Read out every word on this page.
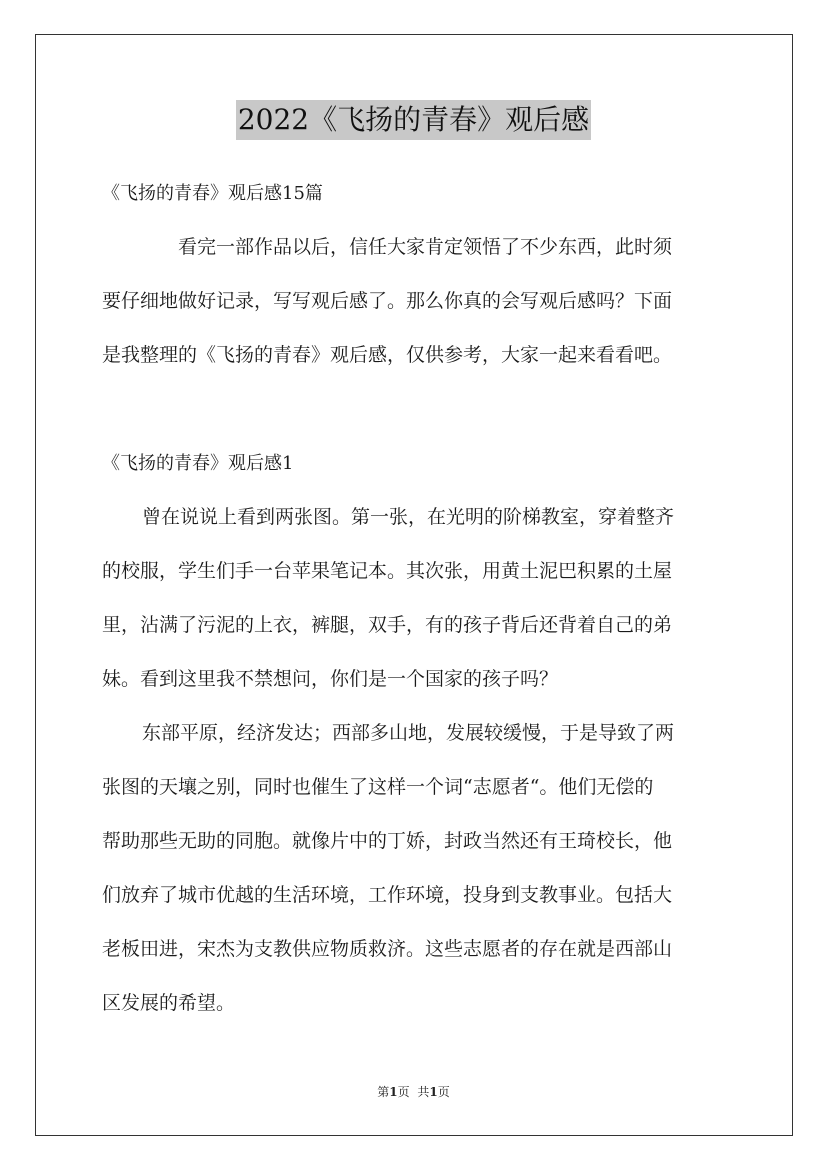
2022《飞扬的青春》观后感
《飞扬的青春》观后感15篇
看完一部作品以后，信任大家肯定领悟了不少东西，此时须
要仔细地做好记录，写写观后感了。那么你真的会写观后感吗？下面
是我整理的《飞扬的青春》观后感，仅供参考，大家一起来看看吧。
《飞扬的青春》观后感1
曾在说说上看到两张图。第一张，在光明的阶梯教室，穿着整齐
的校服，学生们手一台苹果笔记本。其次张，用黄土泥巴积累的土屋
里，沾满了污泥的上衣，裤腿，双手，有的孩子背后还背着自己的弟
妹。看到这里我不禁想问，你们是一个国家的孩子吗？
东部平原，经济发达；西部多山地，发展较缓慢，于是导致了两
张图的天壤之别，同时也催生了这样一个词“志愿者“。他们无偿的
帮助那些无助的同胞。就像片中的丁娇，封政当然还有王琦校长，他
们放弃了城市优越的生活环境，工作环境，投身到支教事业。包括大
老板田进，宋杰为支教供应物质救济。这些志愿者的存在就是西部山
区发展的希望。
第1页 共1页
